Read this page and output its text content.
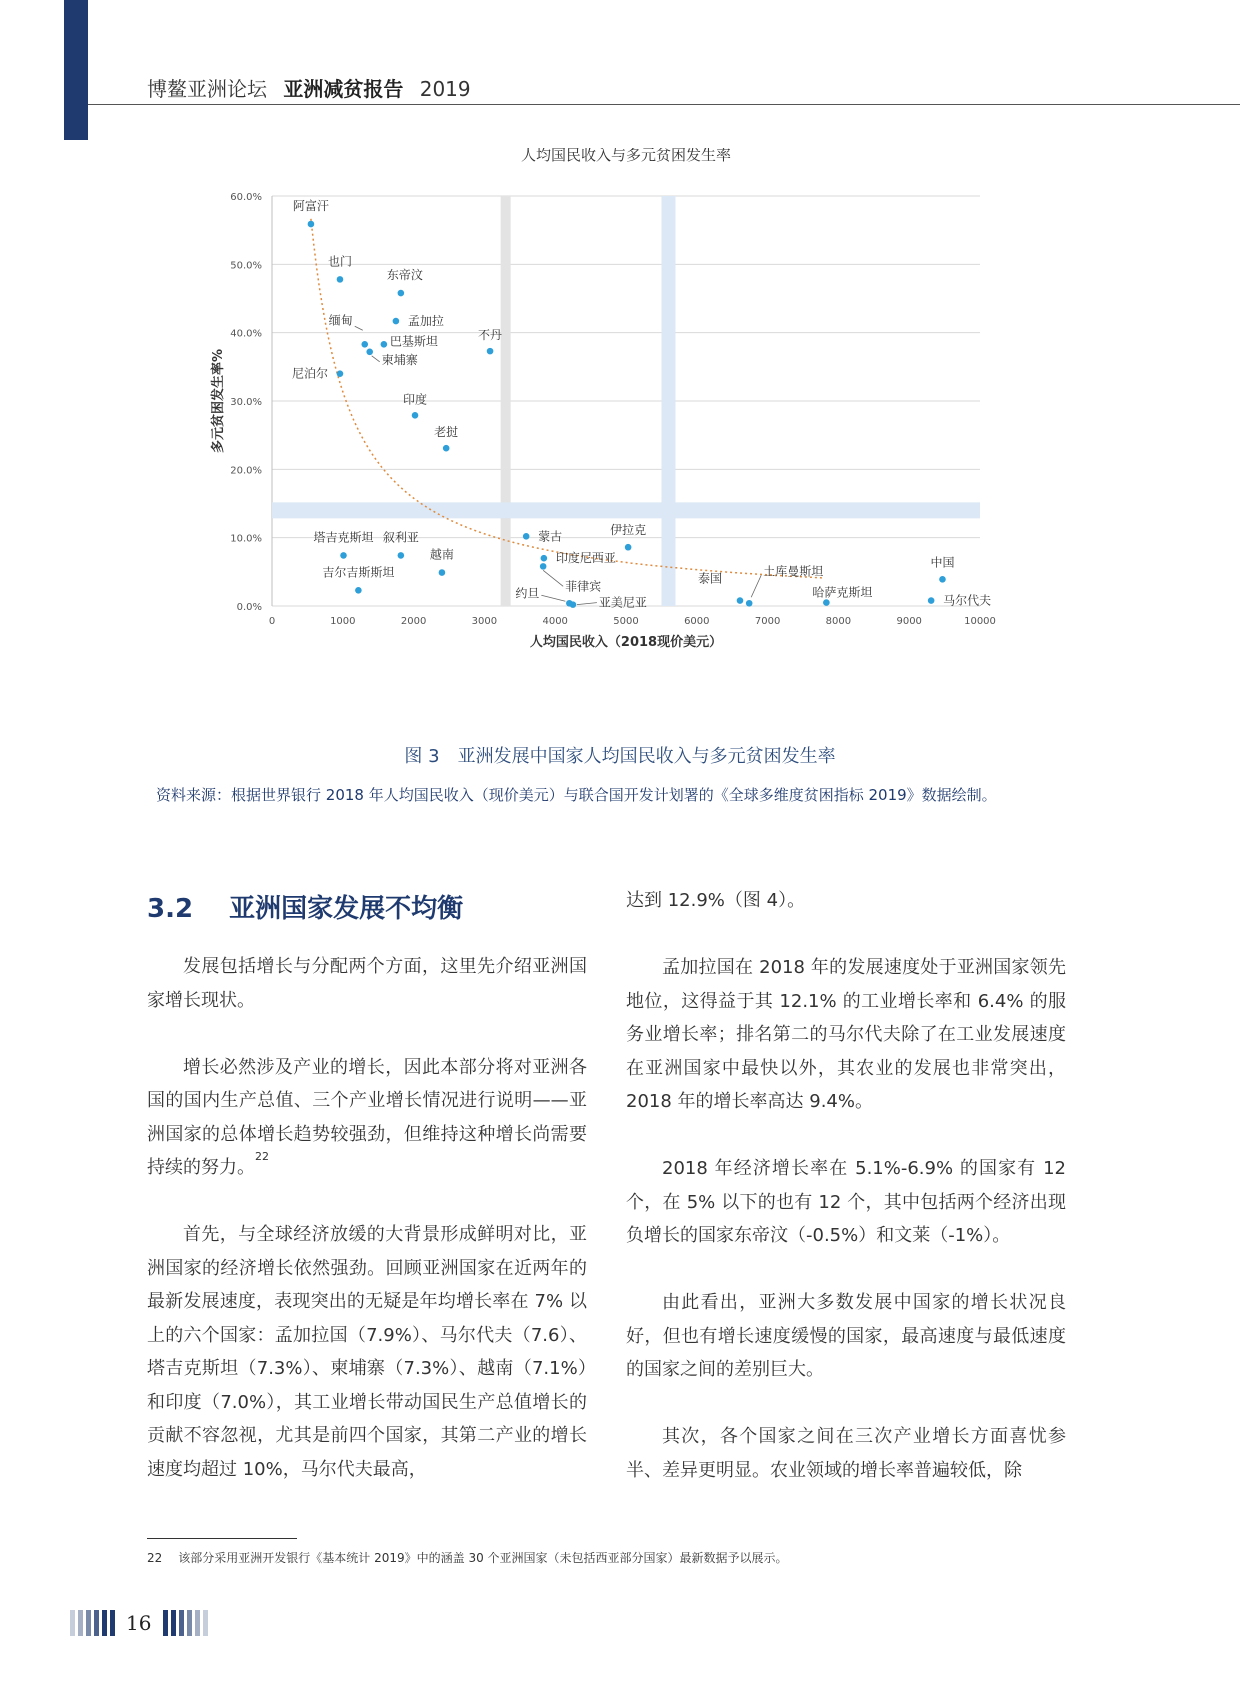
博鳌亚洲论坛 亚洲减贫报告 2019
人均国民收入与多元贫困发生率
0.0%
10.0%
20.0%
30.0%
40.0%
50.0%
60.0%
0	1000	2000	3000	4000	5000	6000	7000	8000	9000	10000
阿富汗
也门
东帝汶
孟加拉
缅甸
巴基斯坦
柬埔寨
不丹
尼泊尔
印度
老挝
蒙古	伊拉克
塔吉克斯坦 叙利亚
印度尼西亚
菲律宾
越南
中国
吉尔吉斯斯坦	泰国
土库曼斯坦
哈萨克斯坦
马尔代夫
约旦
亚美尼亚
人均国民收入（2018现价美元）
多元贫困发生率%
图 3　亚洲发展中国家人均国民收入与多元贫困发生率
资料来源：根据世界银行 2018 年人均国民收入（现价美元）与联合国开发计划署的《全球多维度贫困指标 2019》数据绘制。
3.2 亚洲国家发展不均衡

发展包括增长与分配两个方面，这里先介绍亚洲国家增长现状。

增长必然涉及产业的增长，因此本部分将对亚洲各国的国内生产总值、三个产业增长情况进行说明——亚洲国家的总体增长趋势较强劲，但维持这种增长尚需要持续的努力。$^{22}$

首先，与全球经济放缓的大背景形成鲜明对比，亚洲国家的经济增长依然强劲。回顾亚洲国家在近两年的最新发展速度，表现突出的无疑是年均增长率在 7% 以上的六个国家：孟加拉国（7.9%）、马尔代夫（7.6）、塔吉克斯坦（7.3%）、柬埔寨（7.3%）、越南（7.1%）和印度（7.0%），其工业增长带动国民生产总值增长的贡献不容忽视，尤其是前四个国家，其第二产业的增长速度均超过 10%，马尔代夫最高，

达到 12.9%（图 4）。

孟加拉国在 2018 年的发展速度处于亚洲国家领先地位，这得益于其 12.1% 的工业增长率和 6.4% 的服务业增长率；排名第二的马尔代夫除了在工业发展速度在亚洲国家中最快以外，其农业的发展也非常突出，2018 年的增长率高达 9.4%。

2018 年经济增长率在 5.1%-6.9% 的国家有 12 个，在 5% 以下的也有 12 个，其中包括两个经济出现负增长的国家东帝汶（-0.5%）和文莱（-1%）。

由此看出，亚洲大多数发展中国家的增长状况良好，但也有增长速度缓慢的国家，最高速度与最低速度的国家之间的差别巨大。

其次，各个国家之间在三次产业增长方面喜忧参半、差异更明显。农业领域的增长率普遍较低，除

22 该部分采用亚洲开发银行《基本统计 2019》中的涵盖 30 个亚洲国家（未包括西亚部分国家）最新数据予以展示。
16
